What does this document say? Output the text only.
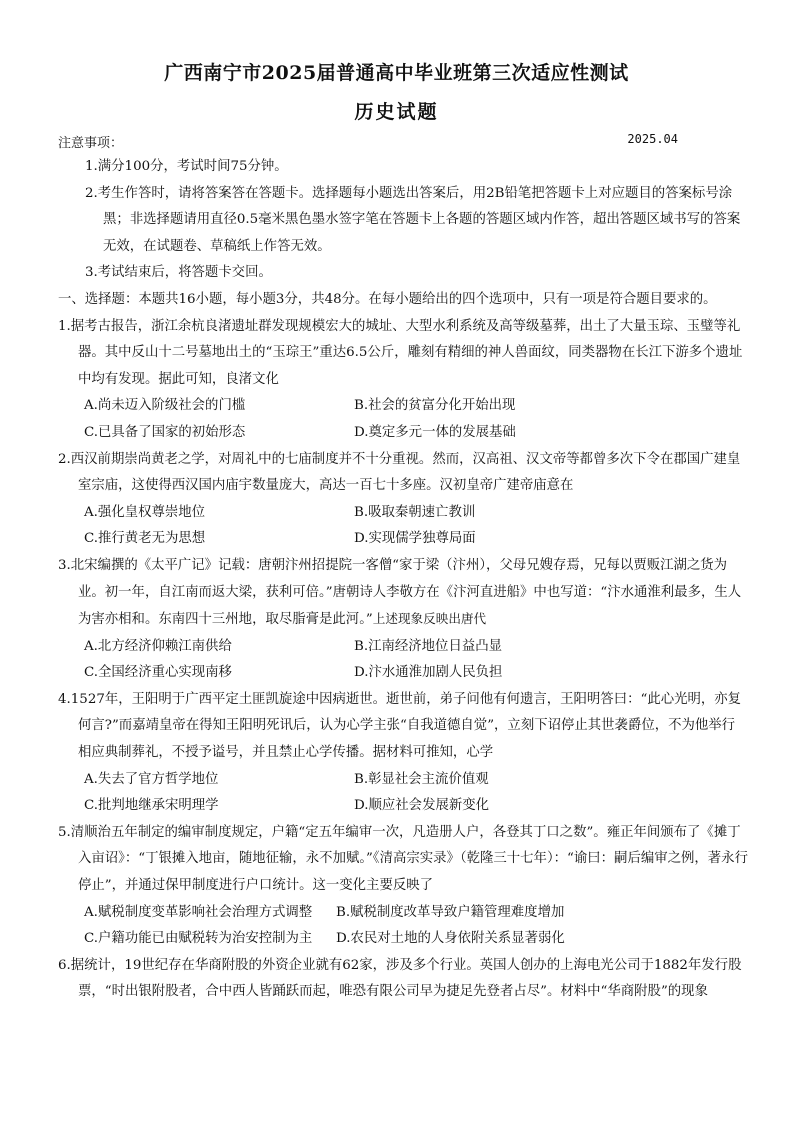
广西南宁市2025届普通高中毕业班第三次适应性测试
历史试题
注意事项：	2025.04

1.满分100分，考试时间75分钟。

2.考生作答时，请将答案答在答题卡。选择题每小题选出答案后，用2B铅笔把答题卡上对应题目的答案标号涂黑；非选择题请用直径0.5毫米黑色墨水签字笔在答题卡上各题的答题区域内作答，超出答题区域书写的答案无效，在试题卷、草稿纸上作答无效。

3.考试结束后，将答题卡交回。

一、选择题：本题共16小题，每小题3分，共48分。在每小题给出的四个选项中，只有一项是符合题目要求的。

1.据考古报告，浙江余杭良渚遗址群发现规模宏大的城址、大型水利系统及高等级墓葬，出土了大量玉琮、玉璧等礼器。其中反山十二号墓地出土的“玉琮王”重达6.5公斤，雕刻有精细的神人兽面纹，同类器物在长江下游多个遗址中均有发现。据此可知，良渚文化

A.尚未迈入阶级社会的门槛	B.社会的贫富分化开始出现
C.已具备了国家的初始形态	D.奠定多元一体的发展基础

2.西汉前期崇尚黄老之学，对周礼中的七庙制度并不十分重视。然而，汉高祖、汉文帝等都曾多次下令在郡国广建皇室宗庙，这使得西汉国内庙宇数量庞大，高达一百七十多座。汉初皇帝广建帝庙意在

A.强化皇权尊崇地位	B.吸取秦朝速亡教训
C.推行黄老无为思想	D.实现儒学独尊局面

3.北宋编撰的《太平广记》记载：唐朝汴州招提院一客僧“家于梁（汴州），父母兄嫂存焉，兄每以贾贩江湖之货为业。初一年，自江南而返大梁，获利可倍。”唐朝诗人李敬方在《汴河直进船》中也写道：“汴水通淮利最多，生人为害亦相和。东南四十三州地，取尽脂膏是此河。”上述现象反映出唐代

A.北方经济仰赖江南供给	B.江南经济地位日益凸显
C.全国经济重心实现南移	D.汴水通淮加剧人民负担

4.1527年，王阳明于广西平定土匪凯旋途中因病逝世。逝世前，弟子问他有何遗言，王阳明答曰：“此心光明，亦复何言?”而嘉靖皇帝在得知王阳明死讯后，认为心学主张“自我道德自觉”，立刻下诏停止其世袭爵位，不为他举行相应典制葬礼，不授予谥号，并且禁止心学传播。据材料可推知，心学

A.失去了官方哲学地位	B.彰显社会主流价值观
C.批判地继承宋明理学	D.顺应社会发展新变化

5.清顺治五年制定的编审制度规定，户籍“定五年编审一次，凡造册人户，各登其丁口之数”。雍正年间颁布了《摊丁入亩诏》：“丁银摊入地亩，随地征输，永不加赋。”《清高宗实录》（乾隆三十七年）：“谕曰：嗣后编审之例，著永行停止”，并通过保甲制度进行户口统计。这一变化主要反映了

A.赋税制度变革影响社会治理方式调整	B.赋税制度改革导致户籍管理难度增加
C.户籍功能已由赋税转为治安控制为主	D.农民对土地的人身依附关系显著弱化

6.据统计，19世纪存在华商附股的外资企业就有62家，涉及多个行业。英国人创办的上海电光公司于1882年发行股票，“时出银附股者，合中西人皆踊跃而起，唯恐有限公司早为捷足先登者占尽”。材料中“华商附股”的现象
